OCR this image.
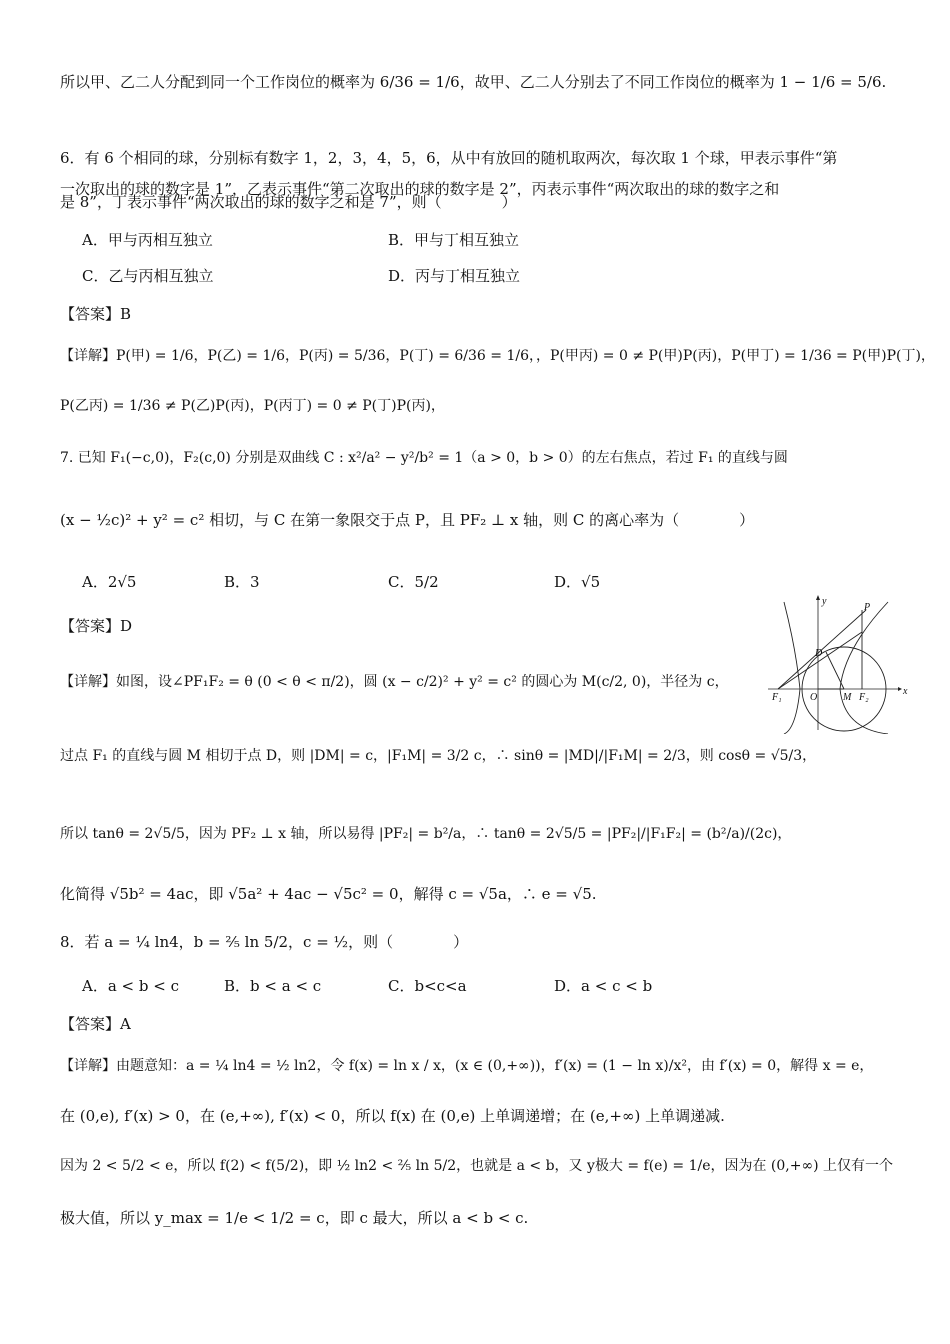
所以甲、乙二人分配到同一个工作岗位的概率为 6/36 = 1/6，故甲、乙二人分别去了不同工作岗位的概率为 1 − 1/6 = 5/6.
6．有 6 个相同的球，分别标有数字 1，2，3，4，5，6，从中有放回的随机取两次，每次取 1 个球，甲表示事件“第
一次取出的球的数字是 1”，乙表示事件“第二次取出的球的数字是 2”，丙表示事件“两次取出的球的数字之和
是 8”，丁表示事件“两次取出的球的数字之和是 7”，则（　　　　）
A．甲与丙相互独立	B．甲与丁相互独立
C．乙与丙相互独立	D．丙与丁相互独立
【答案】B
【详解】P(甲) = 1/6，P(乙) = 1/6，P(丙) = 5/36，P(丁) = 6/36 = 1/6，，P(甲丙) = 0 ≠ P(甲)P(丙)，P(甲丁) = 1/36 = P(甲)P(丁)，
P(乙丙) = 1/36 ≠ P(乙)P(丙)，P(丙丁) = 0 ≠ P(丁)P(丙)，
7. 已知 F₁(−c,0)，F₂(c,0) 分别是双曲线 C : x²/a² − y²/b² = 1（a > 0，b > 0）的左右焦点，若过 F₁ 的直线与圆
(x − ½c)² + y² = c² 相切，与 C 在第一象限交于点 P，且 PF₂ ⊥ x 轴，则 C 的离心率为（　　　　）
A．2√5	B．3	C．5/2	D．√5
【答案】D
【详解】如图，设∠PF₁F₂ = θ (0 < θ < π/2)，圆 (x − c/2)² + y² = c² 的圆心为 M(c/2, 0)，半径为 c，
过点 F₁ 的直线与圆 M 相切于点 D，则 |DM| = c，|F₁M| = 3/2 c，∴ sinθ = |MD|/|F₁M| = 2/3，则 cosθ = √5/3，
所以 tanθ = 2√5/5，因为 PF₂ ⊥ x 轴，所以易得 |PF₂| = b²/a，∴ tanθ = 2√5/5 = |PF₂|/|F₁F₂| = (b²/a)/(2c)，
化简得 √5b² = 4ac，即 √5a² + 4ac − √5c² = 0，解得 c = √5a，∴ e = √5.
8．若 a = ¼ ln4，b = ⅖ ln 5/2，c = ½，则（　　　　）
A．a < b < c	B．b < a < c	C．b<c<a	D．a < c < b
【答案】A
【详解】由题意知：a = ¼ ln4 = ½ ln2，令 f(x) = ln x / x，(x ∈ (0,+∞))，f′(x) = (1 − ln x)/x²，由 f′(x) = 0，解得 x = e，
在 (0,e), f′(x) > 0，在 (e,+∞), f′(x) < 0，所以 f(x) 在 (0,e) 上单调递增；在 (e,+∞) 上单调递减.
因为 2 < 5/2 < e，所以 f(2) < f(5/2)，即 ½ ln2 < ⅖ ln 5/2，也就是 a < b，又 y极大 = f(e) = 1/e，因为在 (0,+∞) 上仅有一个
极大值，所以 y_max = 1/e < 1/2 = c，即 c 最大，所以 a < b < c.
y
x
P
D
F₁	O	M F₂
